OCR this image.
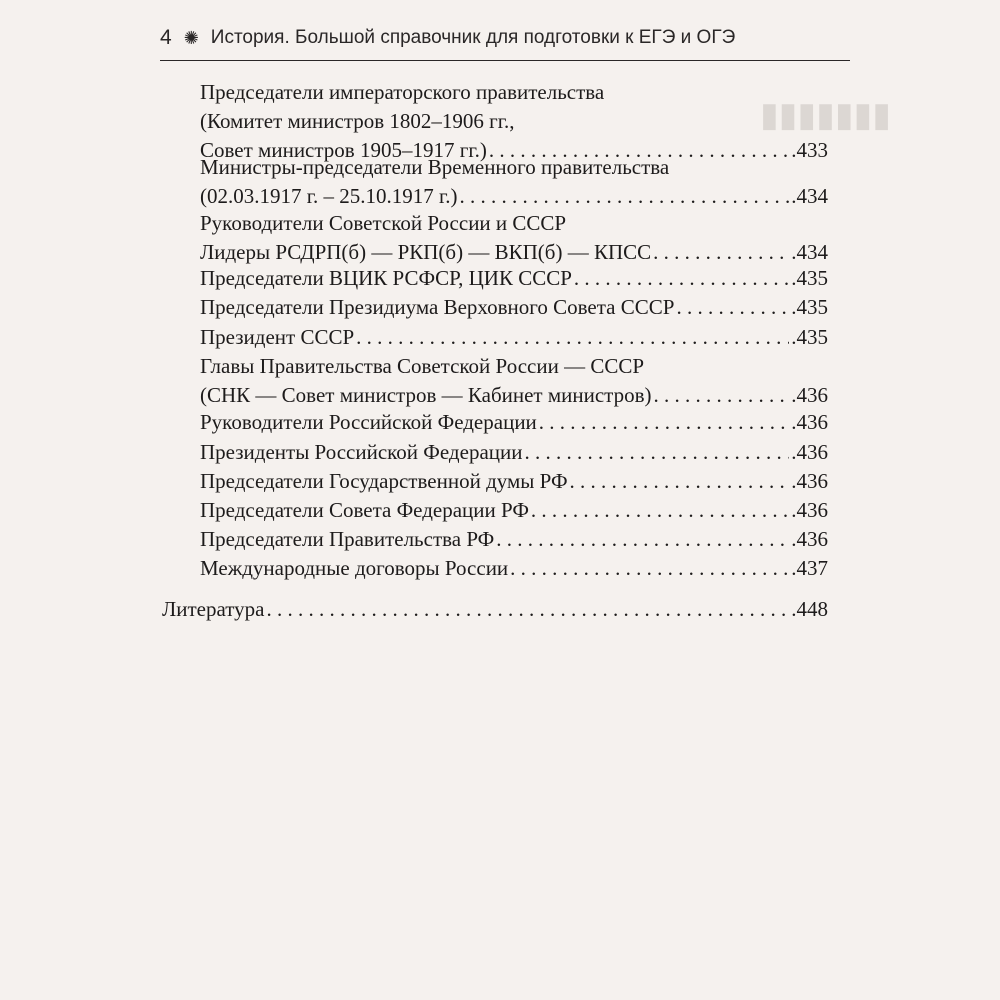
▮▮▮▮▮▮▮
4 ✺ История. Большой справочник для подготовки к ЕГЭ и ОГЭ
Председатели императорского правительства
(Комитет министров 1802–1906 гг.,
Совет министров 1905–1917 гг.) . . .	.433
Министры-председатели Временного правительства
(02.03.1917 г. – 25.10.1917 г.) . . .	.434
Руководители Советской России и СССР
Лидеры РСДРП(б) — РКП(б) — ВКП(б) — КПСС . . .	.434
Председатели ВЦИК РСФСР, ЦИК СССР . . .	.435
Председатели Президиума Верховного Совета СССР . . .	.435
Президент СССР . . .	.435
Главы Правительства Советской России — СССР
(СНК — Совет министров — Кабинет министров) . . .	.436
Руководители Российской Федерации . . .	.436
Президенты Российской Федерации . . .	.436
Председатели Государственной думы РФ . . .	.436
Председатели Совета Федерации РФ . . .	.436
Председатели Правительства РФ . . .	.436
Международные договоры России . . .	.437
Литература . . .	.448
